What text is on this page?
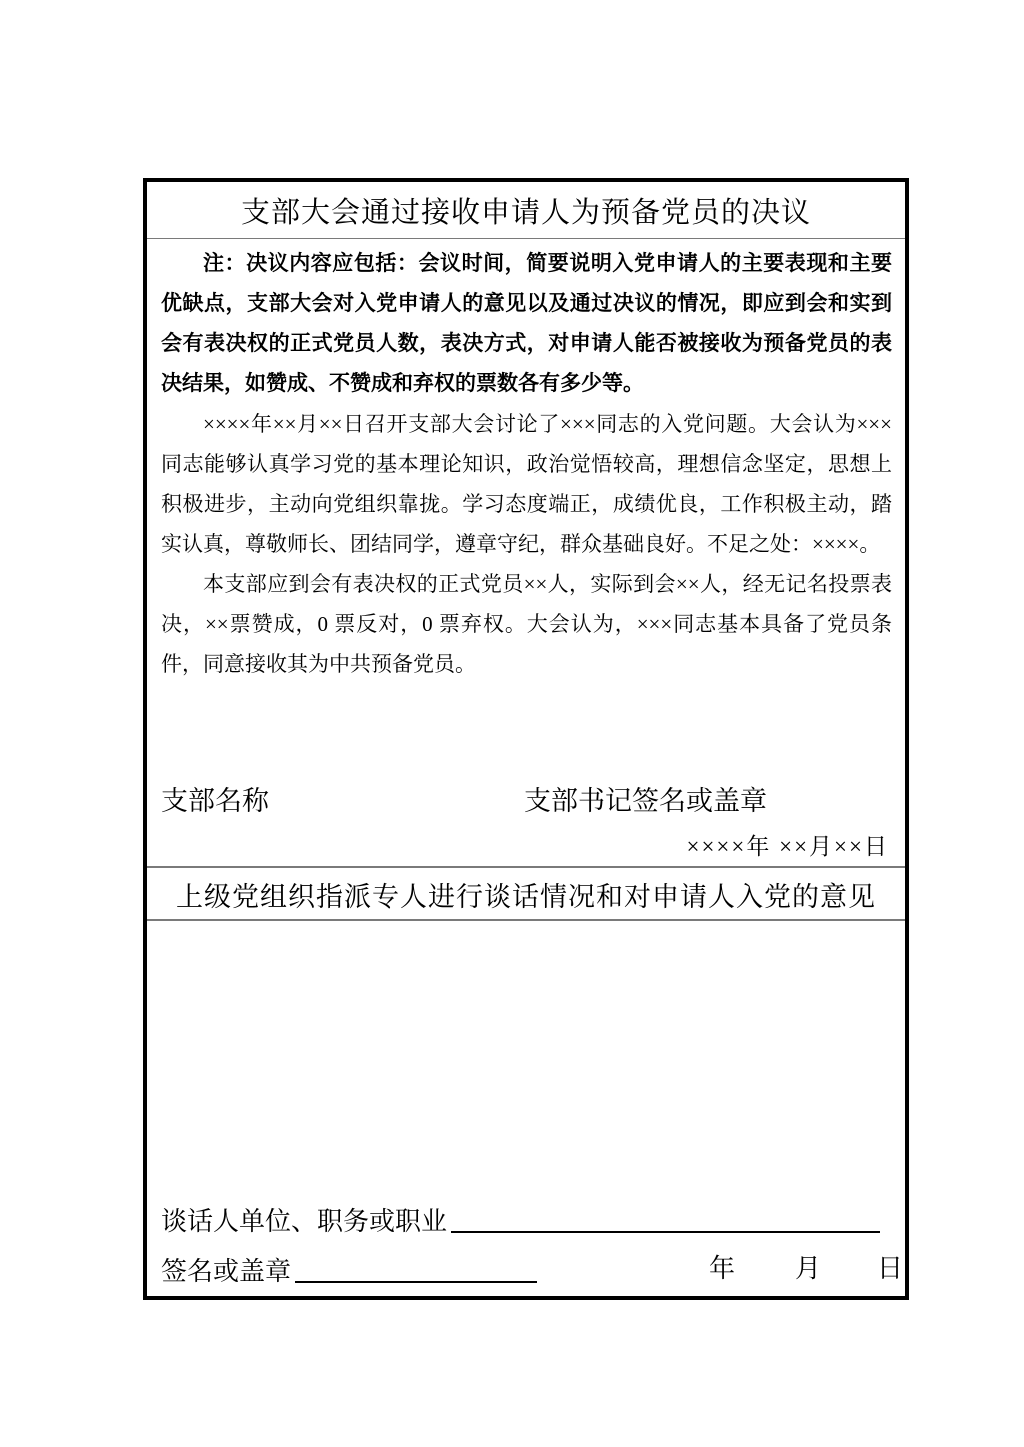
支部大会通过接收申请人为预备党员的决议

注：决议内容应包括：会议时间，简要说明入党申请人的主要表现和主要优缺点，支部大会对入党申请人的意见以及通过决议的情况，即应到会和实到会有表决权的正式党员人数，表决方式，对申请人能否被接收为预备党员的表决结果，如赞成、不赞成和弃权的票数各有多少等。

××××年××月××日召开支部大会讨论了×××同志的入党问题。大会认为×××同志能够认真学习党的基本理论知识，政治觉悟较高，理想信念坚定，思想上积极进步，主动向党组织靠拢。学习态度端正，成绩优良，工作积极主动，踏实认真，尊敬师长、团结同学，遵章守纪，群众基础良好。不足之处：××××。

本支部应到会有表决权的正式党员××人，实际到会××人，经无记名投票表决，××票赞成，0 票反对，0 票弃权。大会认为，×××同志基本具备了党员条件，同意接收其为中共预备党员。

支部名称	支部书记签名或盖章
××××年 ××月××日
上级党组织指派专人进行谈话情况和对申请人入党的意见
谈话人单位、职务或职业
签名或盖章	年 月 日
